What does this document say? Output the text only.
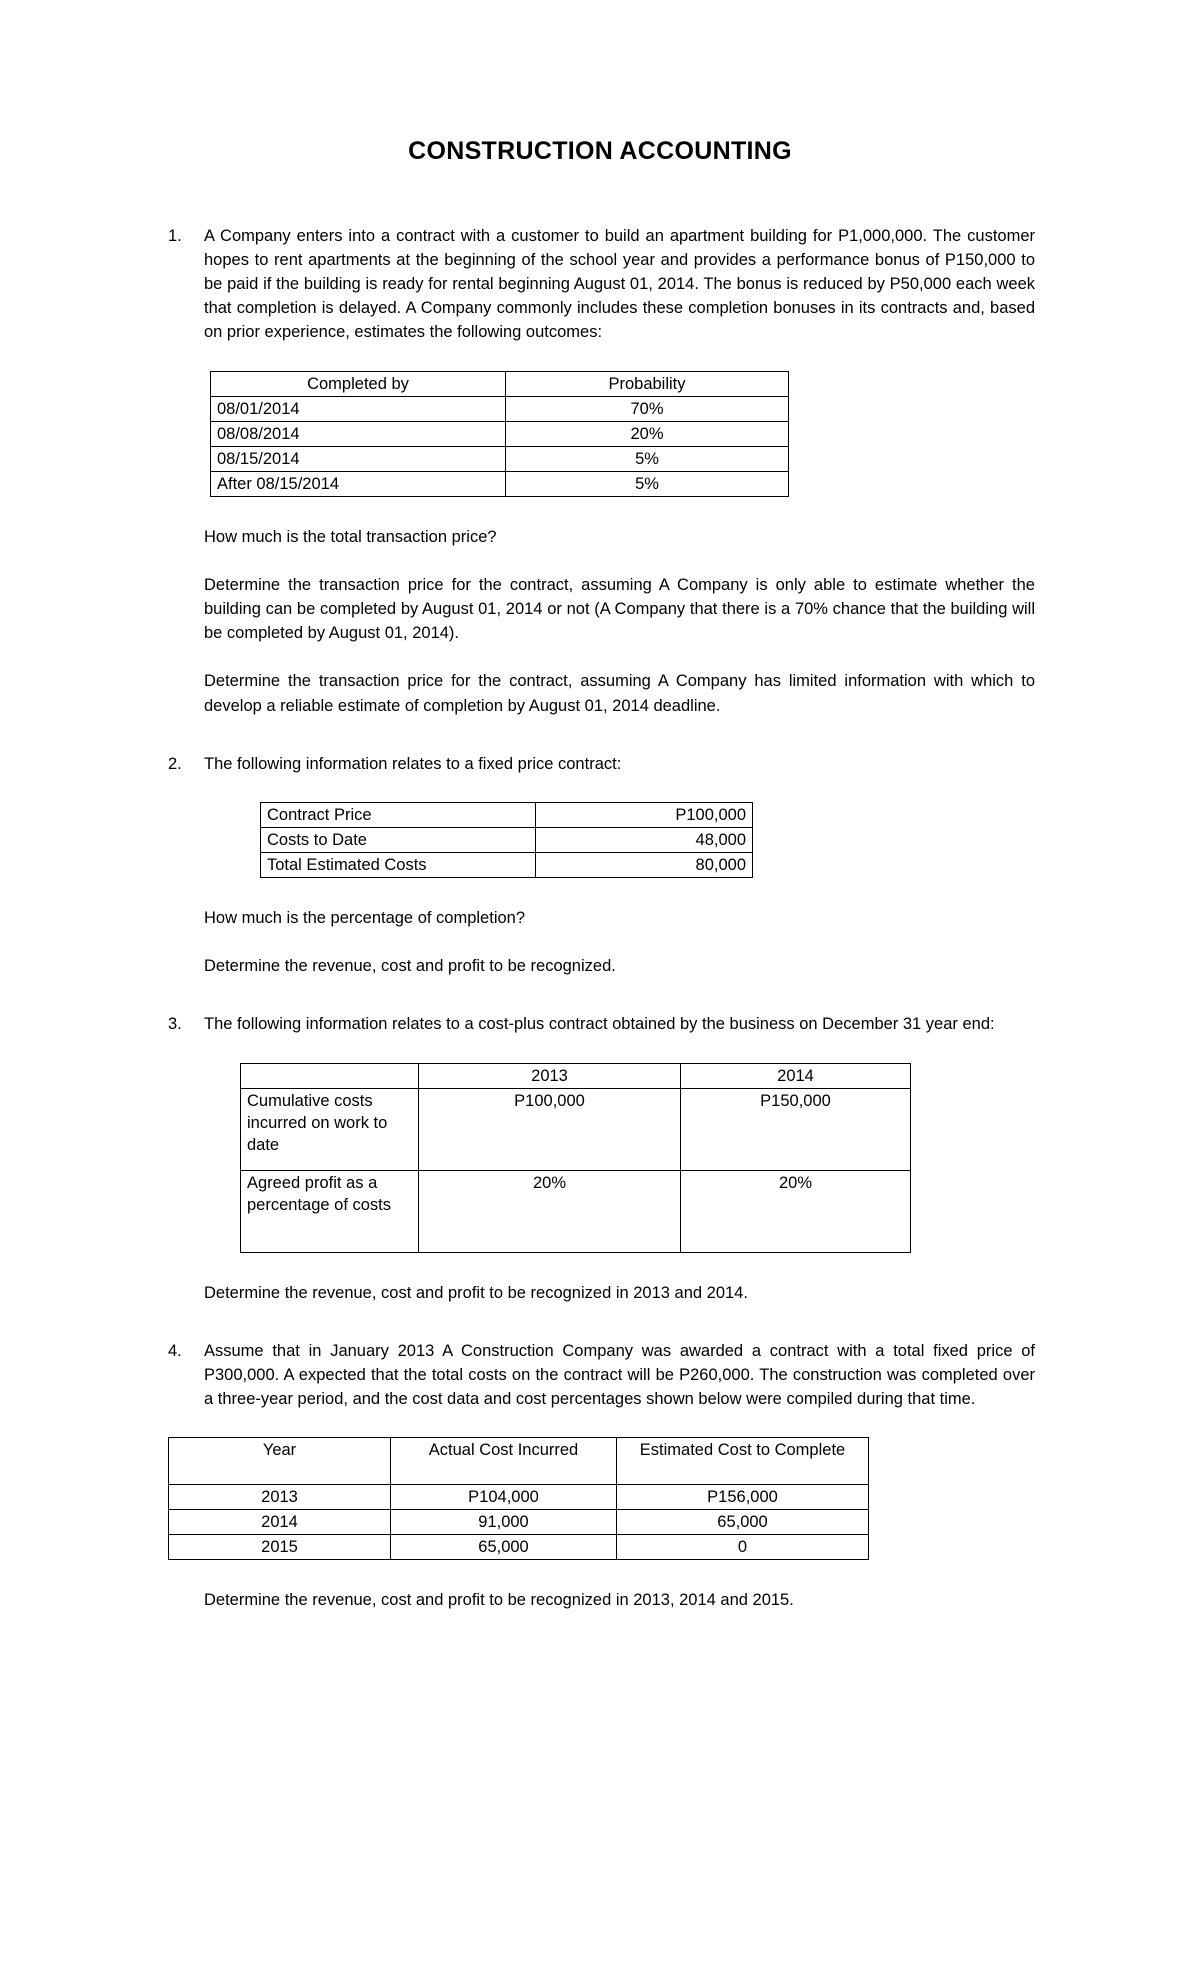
CONSTRUCTION ACCOUNTING
1.	A Company enters into a contract with a customer to build an apartment building for P1,000,000. The customer hopes to rent apartments at the beginning of the school year and provides a performance bonus of P150,000 to be paid if the building is ready for rental beginning August 01, 2014. The bonus is reduced by P50,000 each week that completion is delayed. A Company commonly includes these completion bonuses in its contracts and, based on prior experience, estimates the following outcomes:

Completed by	Probability
08/01/2014	70%
08/08/2014	20%
08/15/2014	5%
After 08/15/2014	5%

How much is the total transaction price?

Determine the transaction price for the contract, assuming A Company is only able to estimate whether the building can be completed by August 01, 2014 or not (A Company that there is a 70% chance that the building will be completed by August 01, 2014).

Determine the transaction price for the contract, assuming A Company has limited information with which to develop a reliable estimate of completion by August 01, 2014 deadline.

2.	The following information relates to a fixed price contract:

Contract Price	P100,000
Costs to Date	48,000
Total Estimated Costs	80,000

How much is the percentage of completion?

Determine the revenue, cost and profit to be recognized.

3.	The following information relates to a cost-plus contract obtained by the business on December 31 year end:

	2013	2014
Cumulative costs incurred on work to date	P100,000	P150,000
Agreed profit as a percentage of costs	20%	20%

Determine the revenue, cost and profit to be recognized in 2013 and 2014.

4.	Assume that in January 2013 A Construction Company was awarded a contract with a total fixed price of P300,000. A expected that the total costs on the contract will be P260,000. The construction was completed over a three-year period, and the cost data and cost percentages shown below were compiled during that time.

Year	Actual Cost Incurred	Estimated Cost to Complete
2013	P104,000	P156,000
2014	91,000	65,000
2015	65,000	0

Determine the revenue, cost and profit to be recognized in 2013, 2014 and 2015.
